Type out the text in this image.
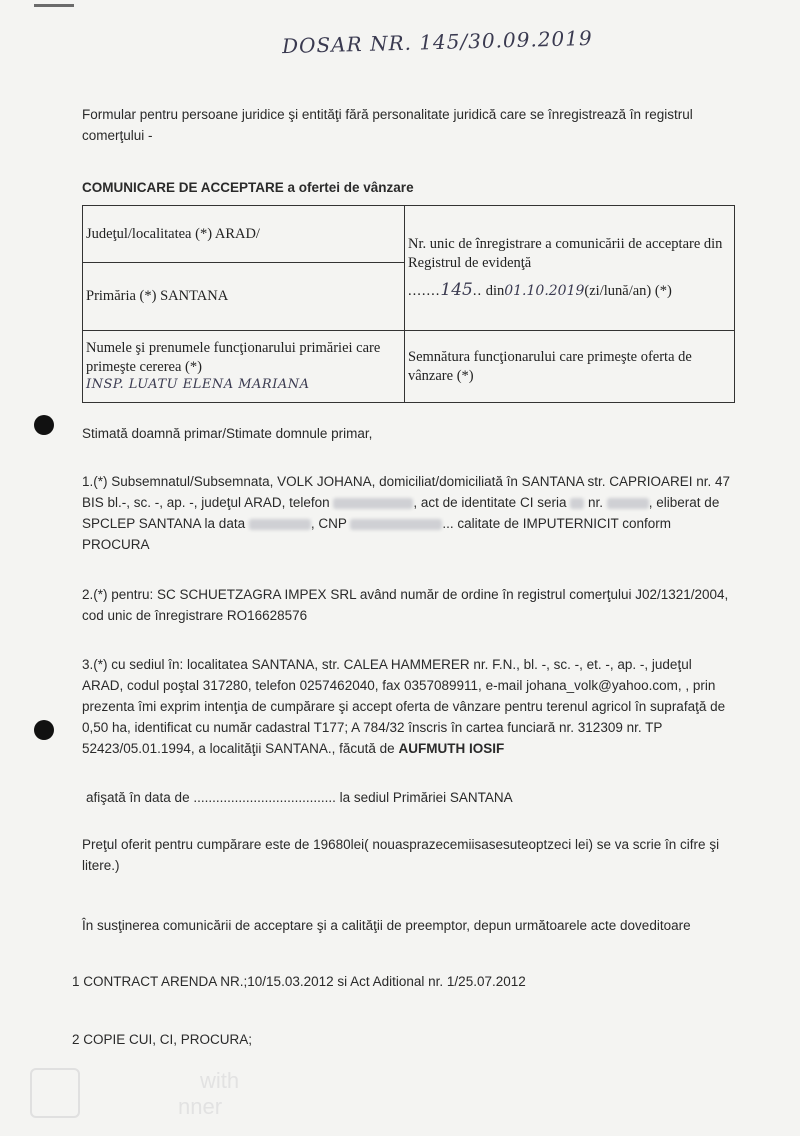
DOSAR NR. 145/30.09.2019
Formular pentru persoane juridice şi entităţi fără personalitate juridică care se înregistrează în registrul comerţului -
COMUNICARE DE ACCEPTARE a ofertei de vânzare
Judeţul/localitatea (*) ARAD/	Nr. unic de înregistrare a comunicării de acceptare din Registrul de evidenţă
.......145.. din01.10.2019(zi/lună/an) (*)

Primăria (*) SANTANA	
Numele şi prenumele funcţionarului primăriei care primeşte cererea (*)
INSP. LUATU ELENA MARIANA	Semnătura funcţionarului care primeşte oferta de vânzare (*)
Stimată doamnă primar/Stimate domnule primar,
1.(*) Subsemnatul/Subsemnata, VOLK JOHANA, domiciliat/domiciliată în SANTANA str. CAPRIOAREI nr. 47 BIS bl.-, sc. -, ap. -, judeţul ARAD, telefon	, act de identitate CI seria nr.	, eliberat de SPCLEP SANTANA la data	, CNP	... calitate de IMPUTERNICIT conform PROCURA
2.(*) pentru: SC SCHUETZAGRA IMPEX SRL având număr de ordine în registrul comerţului J02/1321/2004, cod unic de înregistrare RO16628576
3.(*) cu sediul în: localitatea SANTANA, str. CALEA HAMMERER nr. F.N., bl. -, sc. -, et. -, ap. -, judeţul ARAD, codul poştal 317280, telefon 0257462040, fax 0357089911, e-mail johana_volk@yahoo.com, , prin prezenta îmi exprim intenţia de cumpărare şi accept oferta de vânzare pentru terenul agricol în suprafaţă de 0,50 ha, identificat cu număr cadastral T177; A 784/32 înscris în cartea funciară nr. 312309 nr. TP 52423/05.01.1994, a localităţii SANTANA., făcută de AUFMUTH IOSIF
afişată în data de ...................................... la sediul Primăriei SANTANA
Preţul oferit pentru cumpărare este de 19680lei( nouasprazecemiisasesuteoptzeci lei) se va scrie în cifre şi litere.)
În susţinerea comunicării de acceptare şi a calităţii de preemptor, depun următoarele acte doveditoare
1 CONTRACT ARENDA NR.;10/15.03.2012 si Act Aditional nr. 1/25.07.2012
2 COPIE CUI, CI, PROCURA;
with
nner
